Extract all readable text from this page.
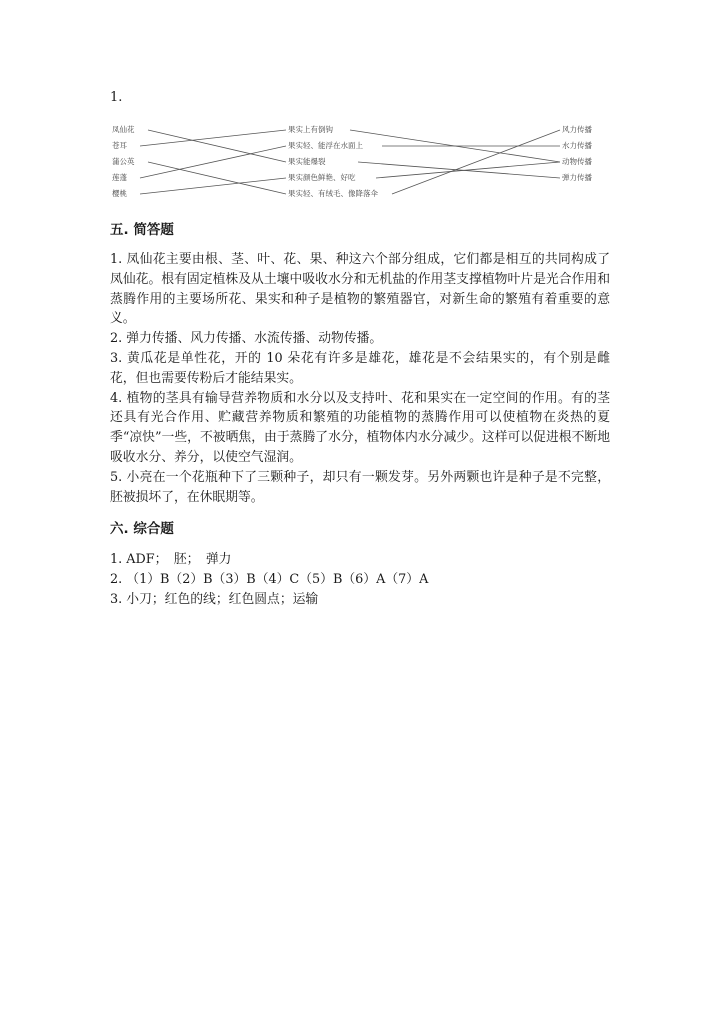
1.
凤仙花
苍耳
蒲公英
莲蓬
樱桃
果实上有倒钩
果实轻、能浮在水面上
果实能爆裂
果实颜色鲜艳、好吃
果实轻、有绒毛、像降落伞
风力传播
水力传播
动物传播
弹力传播
五. 简答题

1. 凤仙花主要由根、茎、叶、花、果、种这六个部分组成，它们都是相互的共同构成了凤仙花。根有固定植株及从土壤中吸收水分和无机盐的作用茎支撑植物叶片是光合作用和蒸腾作用的主要场所花、果实和种子是植物的繁殖器官，对新生命的繁殖有着重要的意义。

2. 弹力传播、风力传播、水流传播、动物传播。

3. 黄瓜花是单性花，开的 10 朵花有许多是雄花，雄花是不会结果实的，有个别是雌花，但也需要传粉后才能结果实。

4. 植物的茎具有输导营养物质和水分以及支持叶、花和果实在一定空间的作用。有的茎还具有光合作用、贮藏营养物质和繁殖的功能植物的蒸腾作用可以使植物在炎热的夏季“凉快”一些，不被晒焦，由于蒸腾了水分，植物体内水分减少。这样可以促进根不断地吸收水分、养分，以使空气湿润。

5. 小亮在一个花瓶种下了三颗种子，却只有一颗发芽。另外两颗也许是种子是不完整，胚被损坏了，在休眠期等。

六. 综合题

1. ADF；　胚；　弹力

2. （1）B（2）B（3）B（4）C（5）B（6）A（7）A

3. 小刀；红色的线；红色圆点；运输
